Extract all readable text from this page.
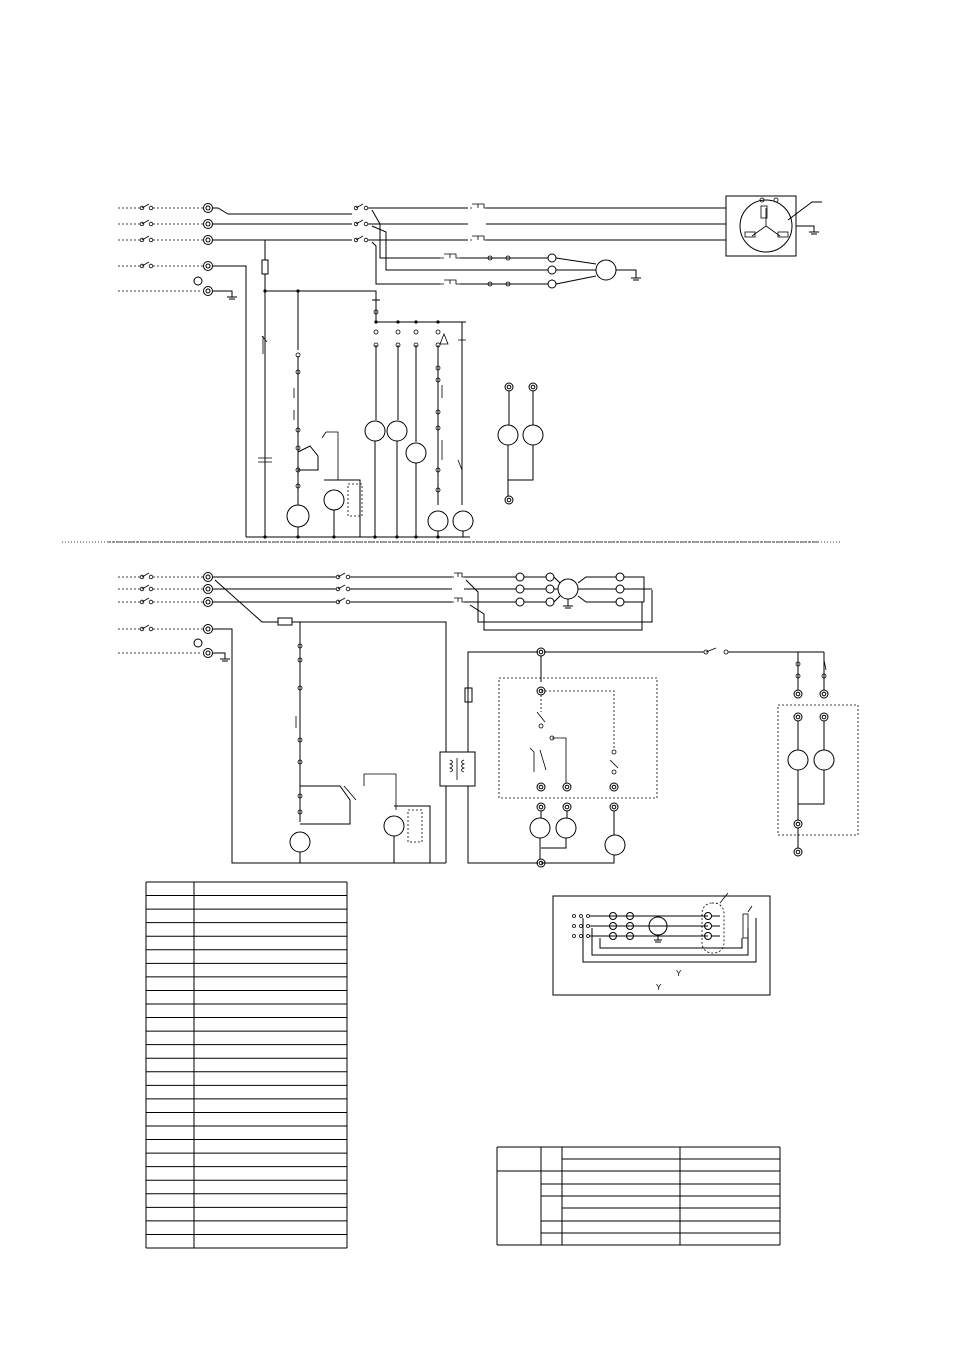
Y
Y
